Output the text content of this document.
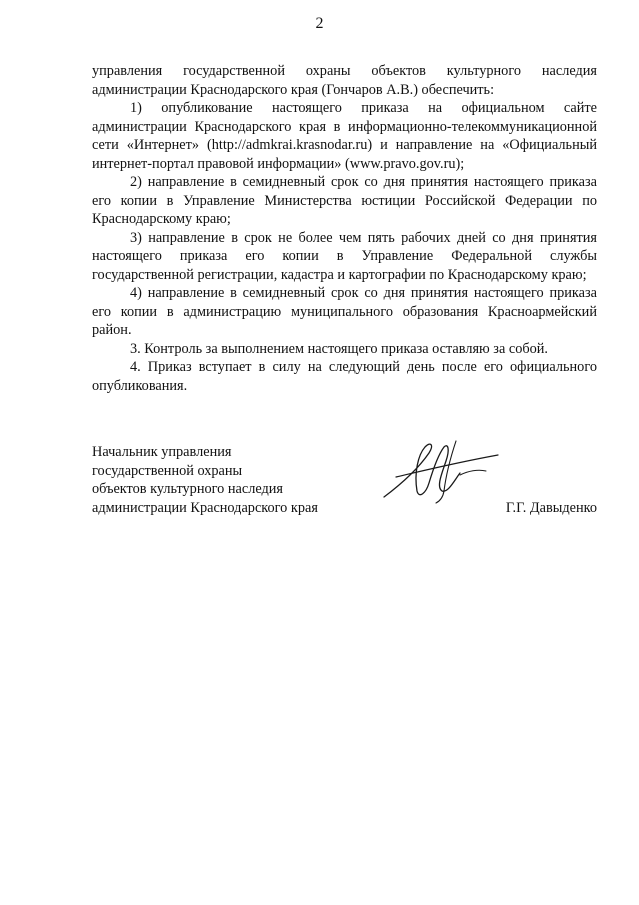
2

управления государственной охраны объектов культурного наследия администрации Краснодарского края (Гончаров А.В.) обеспечить:

1) опубликование настоящего приказа на официальном сайте администрации Краснодарского края в информационно-телекоммуникационной сети «Интернет» (http://admkrai.krasnodar.ru) и направление на «Официальный интернет-портал правовой информации» (www.pravo.gov.ru);

2) направление в семидневный срок со дня принятия настоящего приказа его копии в Управление Министерства юстиции Российской Федерации по Краснодарскому краю;

3) направление в срок не более чем пять рабочих дней со дня принятия настоящего приказа его копии в Управление Федеральной службы государственной регистрации, кадастра и картографии по Краснодарскому краю;

4) направление в семидневный срок со дня принятия настоящего приказа его копии в администрацию муниципального образования Красноармейский район.

3. Контроль за выполнением настоящего приказа оставляю за собой.

4. Приказ вступает в силу на следующий день после его официального опубликования.

Начальник управления
государственной охраны
объектов культурного наследия
администрации Краснодарского края	Г.Г. Давыденко
